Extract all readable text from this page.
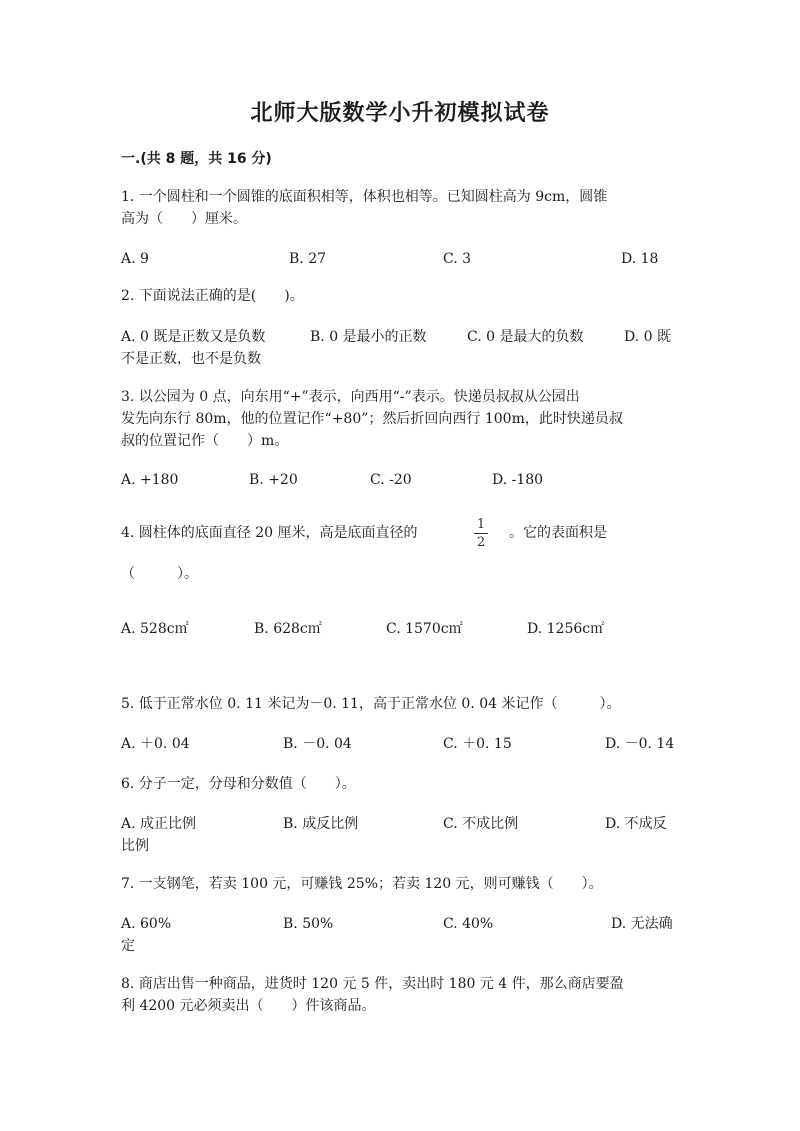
北师大版数学小升初模拟试卷
一.(共 8 题，共 16 分)
1. 一个圆柱和一个圆锥的底面积相等，体积也相等。已知圆柱高为 9cm，圆锥
高为（　　）厘米。
A. 9	B. 27	C. 3	D. 18
2. 下面说法正确的是(　　)。
A. 0 既是正数又是负数	B. 0 是最小的正数	C. 0 是最大的负数	D. 0 既
不是正数，也不是负数
3. 以公园为 0 点，向东用“+”表示，向西用“-”表示。快递员叔叔从公园出
发先向东行 80m，他的位置记作“+80”；然后折回向西行 100m，此时快递员叔
叔的位置记作（　　）m。
A. +180	B. +20	C. -20	D. -180
4. 圆柱体的底面直径 20 厘米，高是底面直径的
1
2
。它的表面积是
（　　　）。
A. 528c㎡	B. 628c㎡	C. 1570c㎡	D. 1256c㎡
5. 低于正常水位 0. 11 米记为－0. 11，高于正常水位 0. 04 米记作（　　　）。
A. ＋0. 04	B. －0. 04	C. ＋0. 15	D. －0. 14
6. 分子一定，分母和分数值（　　）。
A. 成正比例	B. 成反比例	C. 不成比例	D. 不成反
比例
7. 一支钢笔，若卖 100 元，可赚钱 25%；若卖 120 元，则可赚钱（　　）。
A. 60%	B. 50%	C. 40%	D. 无法确
定
8. 商店出售一种商品，进货时 120 元 5 件，卖出时 180 元 4 件，那么商店要盈
利 4200 元必须卖出（　　）件该商品。
